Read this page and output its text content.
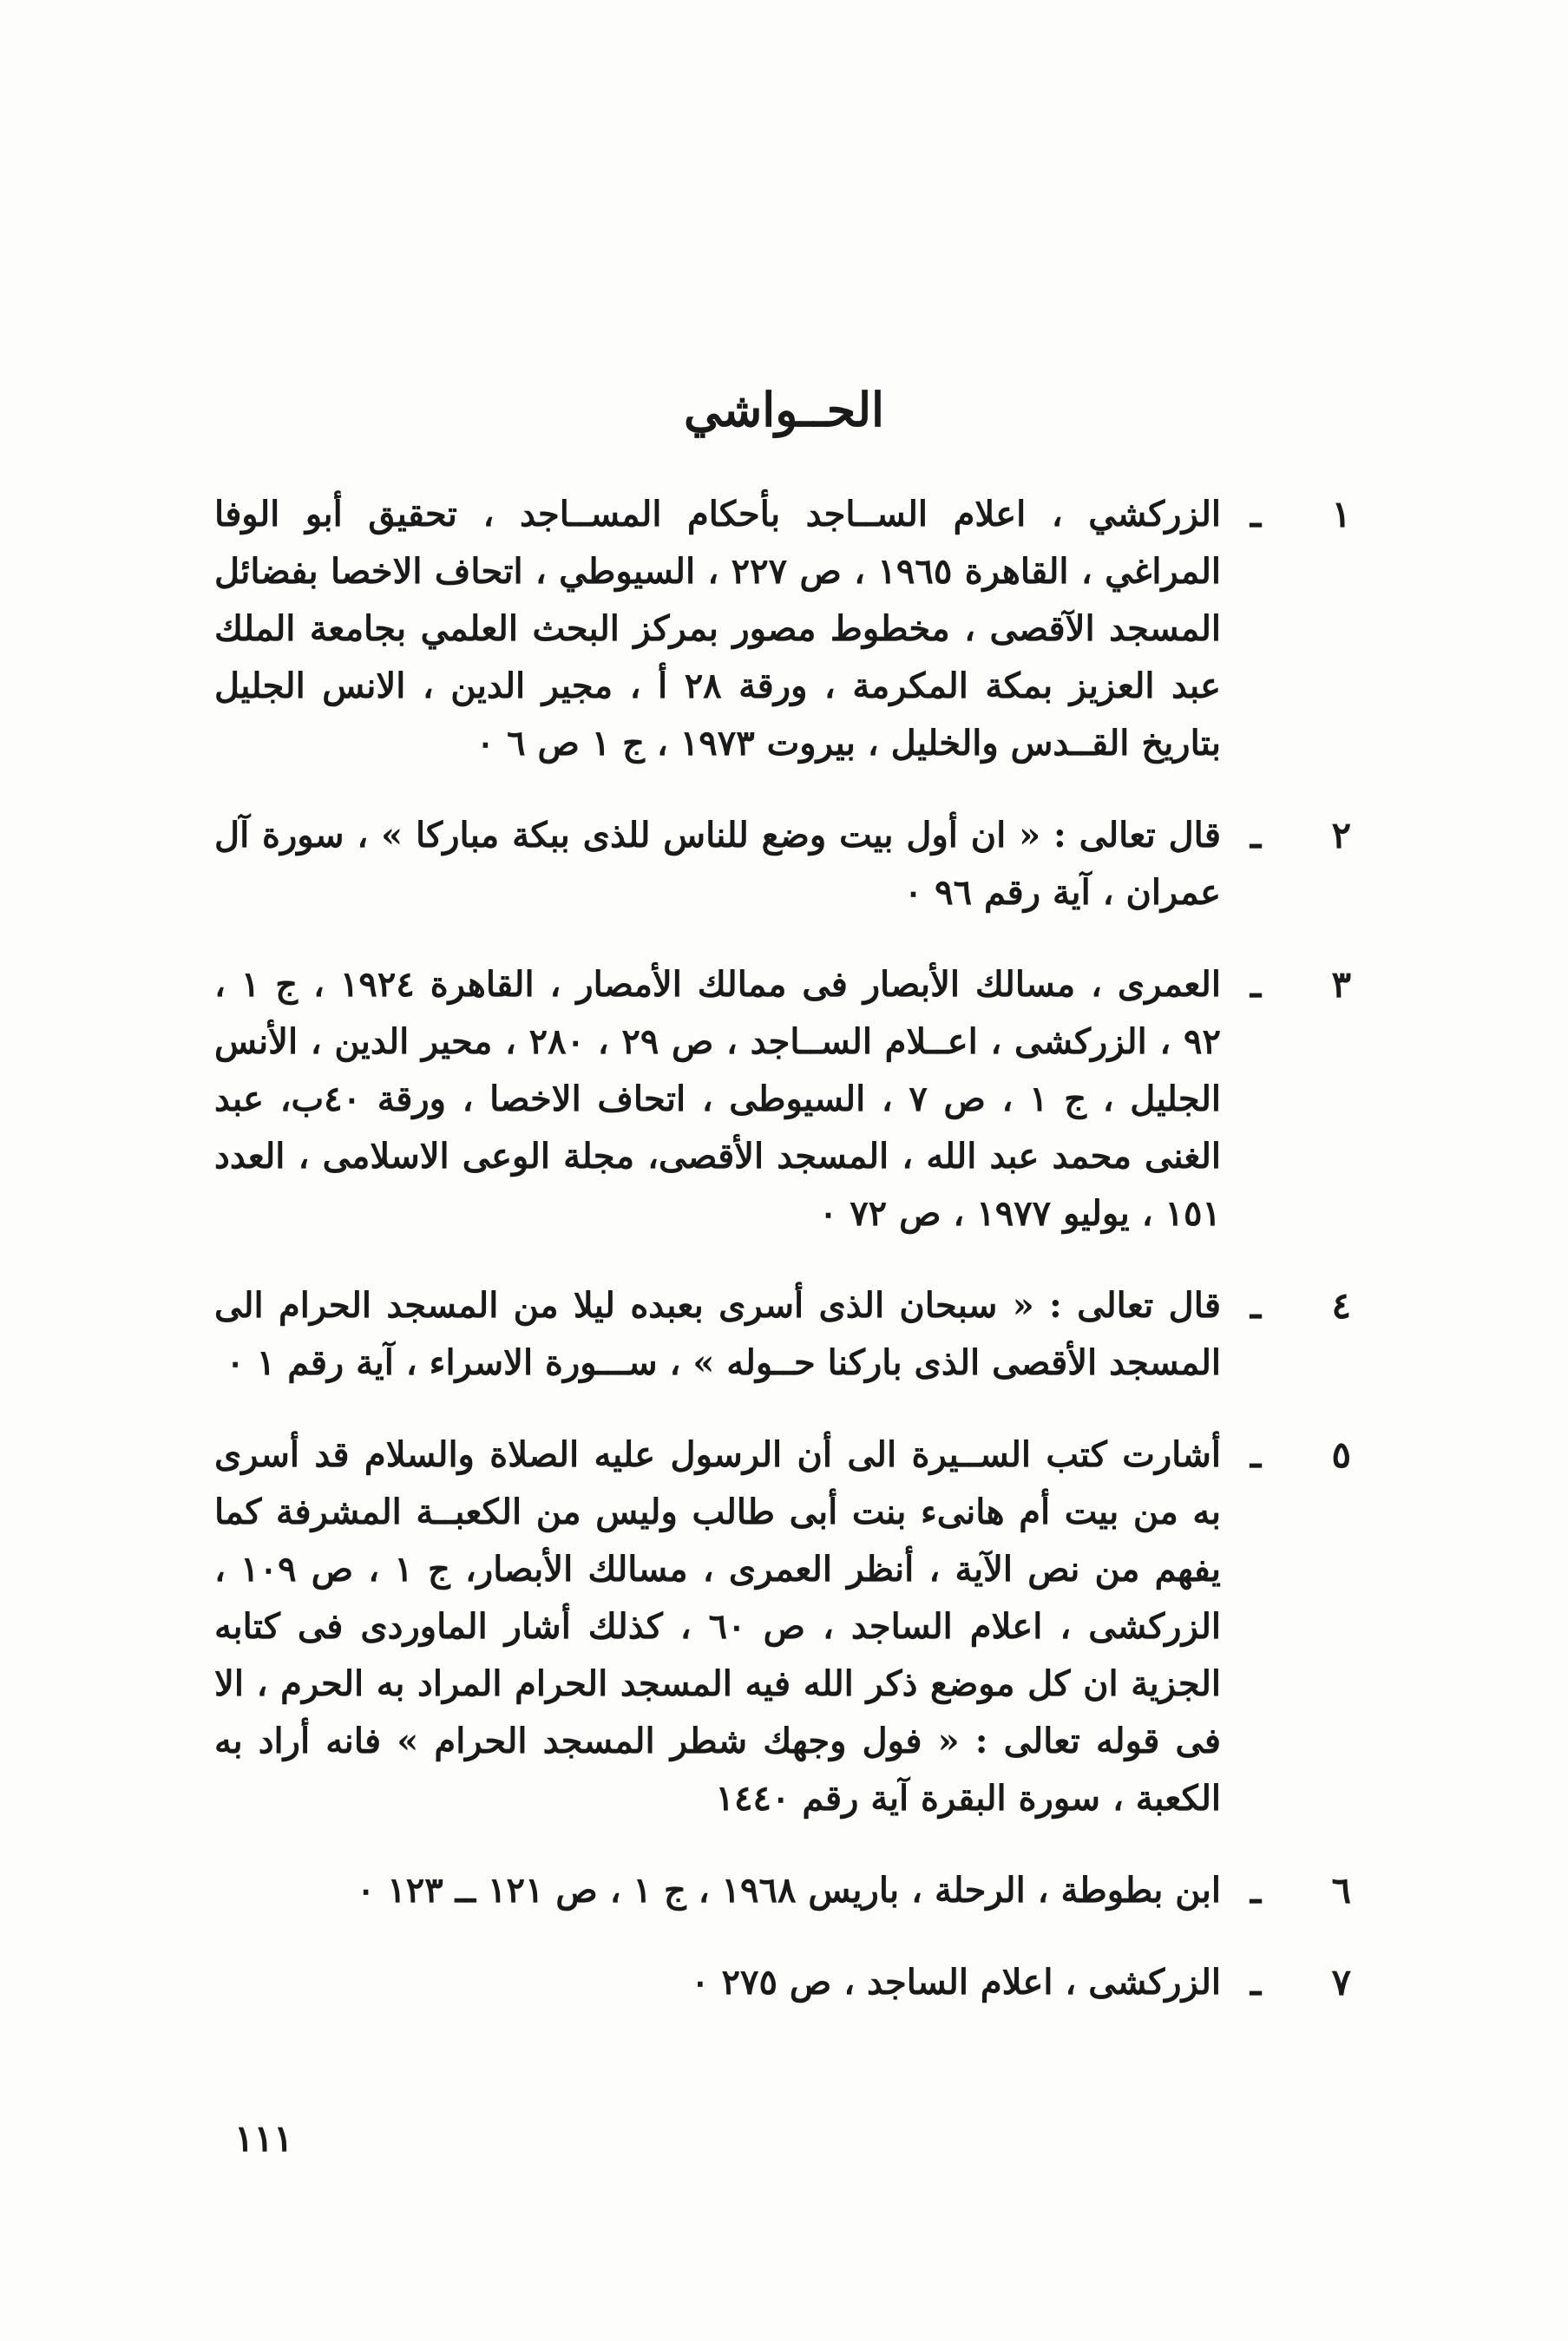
الحــواشي
١
ـ
الزركشي ، اعلام الســاجد بأحكام المســاجد ، تحقيق أبو الوفا المراغي ، القاهرة ١٩٦٥ ، ص ٢٢٧ ، السيوطي ، اتحاف الاخصا بفضائل المسجد الآقصى ، مخطوط مصور بمركز البحث العلمي بجامعة الملك عبد العزيز بمكة المكرمة ، ورقة ٢٨ أ ، مجير الدين ، الانس الجليل بتاريخ القــدس والخليل ، بيروت ١٩٧٣ ، ج ١ ص ٦ ٠
٢
ـ
قال تعالى : « ان أول بيت وضع للناس للذى ببكة مباركا » ، سورة آل عمران ، آية رقم ٩٦ ٠
٣
ـ
العمرى ، مسالك الأبصار فى ممالك الأمصار ، القاهرة ١٩٢٤ ، ج ١ ، ٩٢ ، الزركشى ، اعــلام الســاجد ، ص ٢٩ ، ٢٨٠ ، محير الدين ، الأنس الجليل ، ج ١ ، ص ٧ ، السيوطى ، اتحاف الاخصا ، ورقة ٤٠ب، عبد الغنى محمد عبد الله ، المسجد الأقصى، مجلة الوعى الاسلامى ، العدد ١٥١ ، يوليو ١٩٧٧ ، ص ٧٢ ٠
٤
ـ
قال تعالى : « سبحان الذى أسرى بعبده ليلا من المسجد الحرام الى المسجد الأقصى الذى باركنا حــوله » ، ســـورة الاسراء ، آية رقم ١ ٠
٥
ـ
أشارت كتب الســيرة الى أن الرسول عليه الصلاة والسلام قد أسرى به من بيت أم هانىء بنت أبى طالب وليس من الكعبــة المشرفة كما يفهم من نص الآية ، أنظر العمرى ، مسالك الأبصار، ج ١ ، ص ١٠٩ ، الزركشى ، اعلام الساجد ، ص ٦٠ ، كذلك أشار الماوردى فى كتابه الجزية ان كل موضع ذكر الله فيه المسجد الحرام المراد به الحرم ، الا فى قوله تعالى : « فول وجهك شطر المسجد الحرام » فانه أراد به الكعبة ، سورة البقرة آية رقم ١٤٤٠
٦
ـ
ابن بطوطة ، الرحلة ، باريس ١٩٦٨ ، ج ١ ، ص ١٢١ ــ ١٢٣ ٠
٧
ـ
الزركشى ، اعلام الساجد ، ص ٢٧٥ ٠
١١١
